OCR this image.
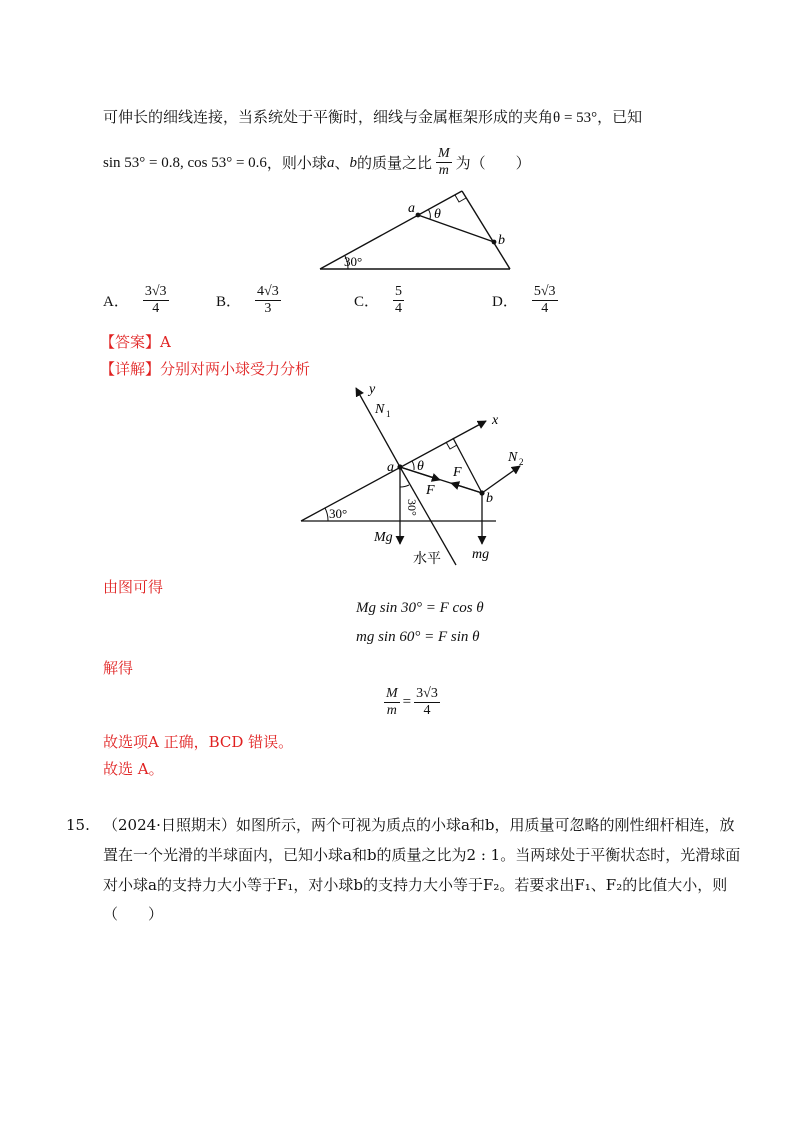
可伸长的细线连接，当系统处于平衡时，细线与金属框架形成的夹角θ = 53°，已知
sin 53° = 0.8, cos 53° = 0.6 ，则小球 a 、 b 的质量之比 $\frac{M}{m}$ 为（　　）
a θ
b
30°
A． $\frac{3√3}{4}$	B． $\frac{4√3}{3}$	C． $\frac{5}{4}$	D． $\frac{5√3}{4}$
【答案】A
【详解】分别对两小球受力分析
y
N 1	x
N 2
a θ F
F
b
30°	30°
Mg
mg
水平
由图可得
Mg sin 30° = F cos θ
mg sin 60° = F sin θ
解得
$\frac{M}{m} = \frac{3√3}{4}$
故选项A 正确，BCD 错误。
故选 A。
15. （2024·日照期末）如图所示，两个可视为质点的小球a和b，用质量可忽略的刚性细杆相连，放
置在一个光滑的半球面内，已知小球a和b的质量之比为2 : 1。当两球处于平衡状态时，光滑球面
对小球a的支持力大小等于F₁，对小球b的支持力大小等于F₂。若要求出F₁、F₂的比值大小，则
（　　）
